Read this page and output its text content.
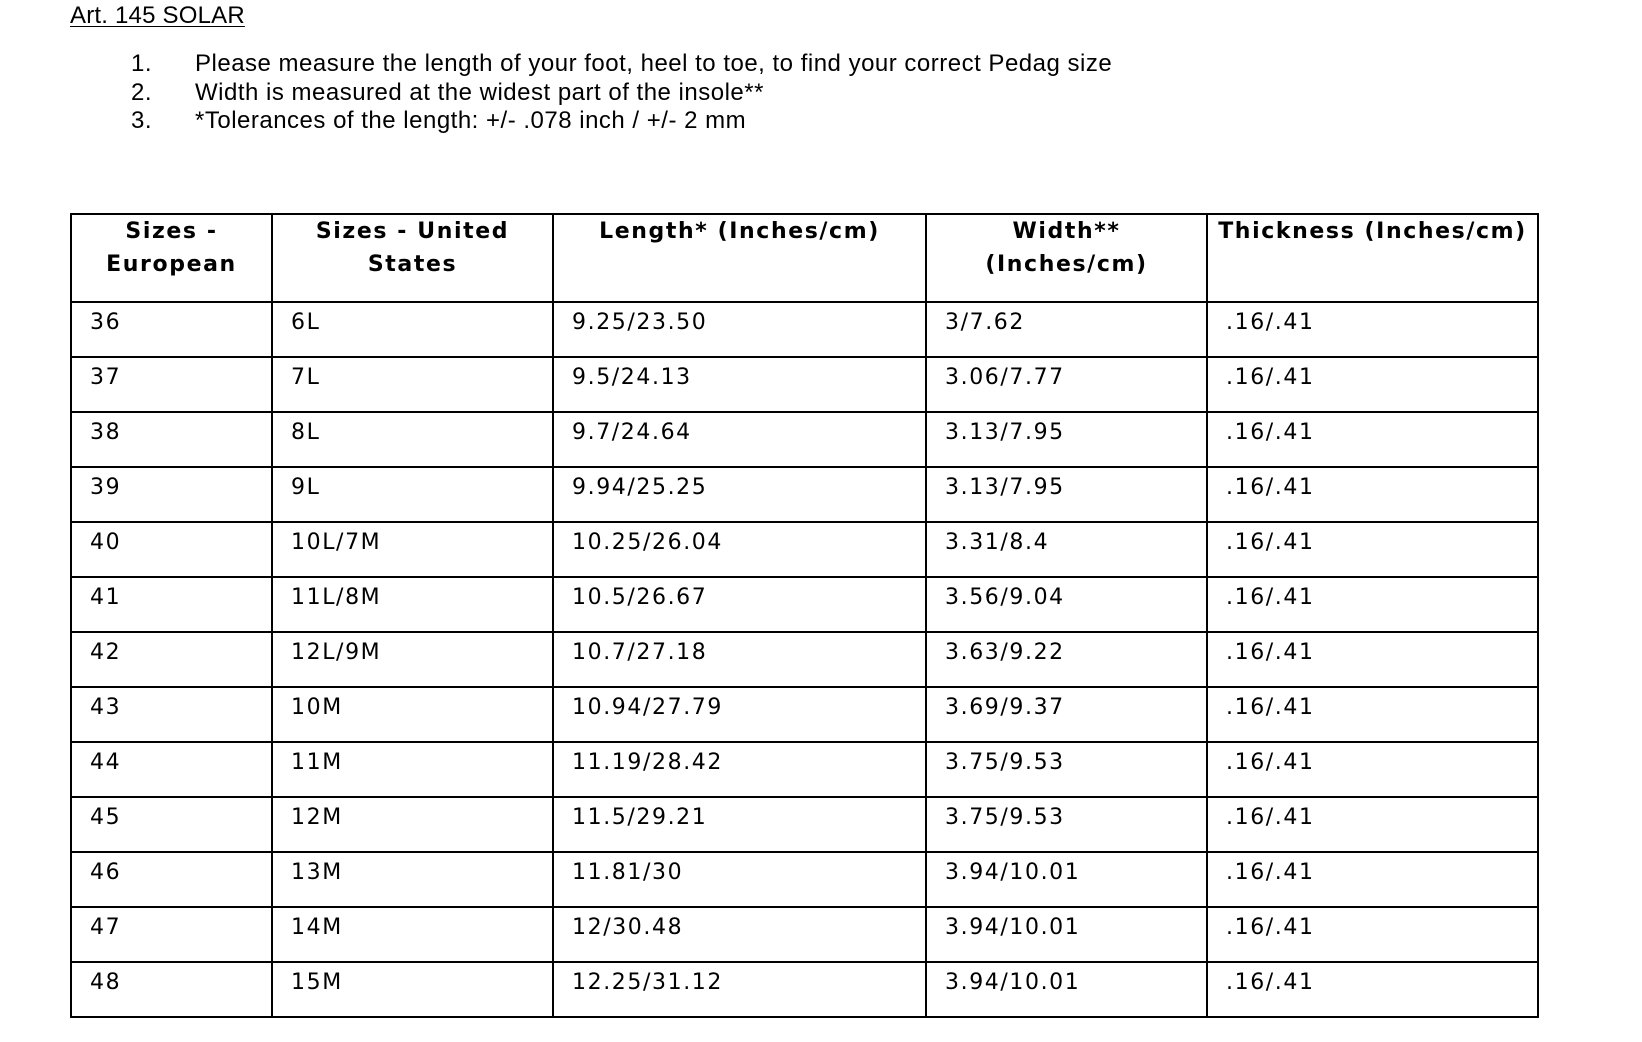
Art. 145 SOLAR
1.	Please measure the length of your foot, heel to toe, to find your correct Pedag size
2.	Width is measured at the widest part of the insole**
3.	*Tolerances of the length: +/- .078 inch / +/- 2 mm
Sizes - European	Sizes - United States	Length* (Inches/cm)	Width** (Inches/cm)	Thickness (Inches/cm)

36	6L	9.25/23.50	3/7.62	.16/.41
37	7L	9.5/24.13	3.06/7.77	.16/.41
38	8L	9.7/24.64	3.13/7.95	.16/.41
39	9L	9.94/25.25	3.13/7.95	.16/.41
40	10L/7M	10.25/26.04	3.31/8.4	.16/.41
41	11L/8M	10.5/26.67	3.56/9.04	.16/.41
42	12L/9M	10.7/27.18	3.63/9.22	.16/.41
43	10M	10.94/27.79	3.69/9.37	.16/.41
44	11M	11.19/28.42	3.75/9.53	.16/.41
45	12M	11.5/29.21	3.75/9.53	.16/.41
46	13M	11.81/30	3.94/10.01	.16/.41
47	14M	12/30.48	3.94/10.01	.16/.41
48	15M	12.25/31.12	3.94/10.01	.16/.41
